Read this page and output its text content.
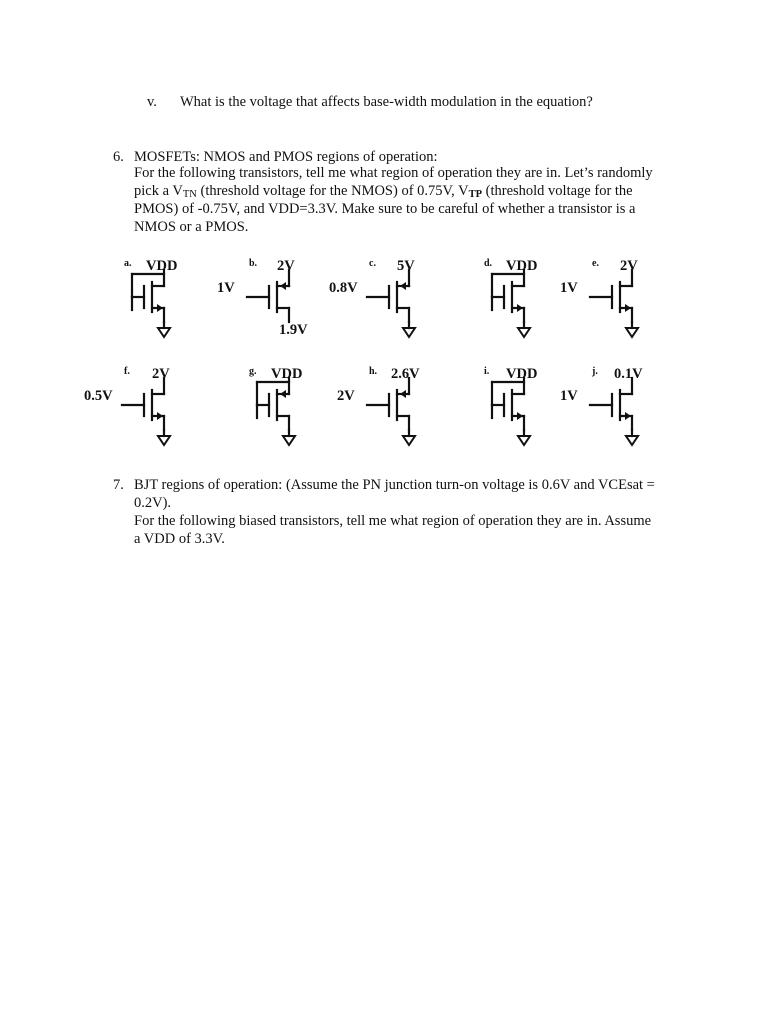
v. What is the voltage that affects base-width modulation in the equation?
6. MOSFETs: NMOS and PMOS regions of operation:
For the following transistors, tell me what region of operation they are in. Let’s randomly
pick a VTN (threshold voltage for the NMOS) of 0.75V, VTP (threshold voltage for the
PMOS) of -0.75V, and VDD=3.3V. Make sure to be careful of whether a transistor is a
NMOS or a PMOS.
a. VDD	b. 2V
1V
1.9V
c. 5V
0.8V
d. VDD	e. 2V
1V
f. 2V
0.5V
g. VDD	h. 2.6V
2V
i. VDD	j. 0.1V
1V
7. BJT regions of operation: (Assume the PN junction turn-on voltage is 0.6V and VCEsat =
0.2V).
For the following biased transistors, tell me what region of operation they are in. Assume
a VDD of 3.3V.
